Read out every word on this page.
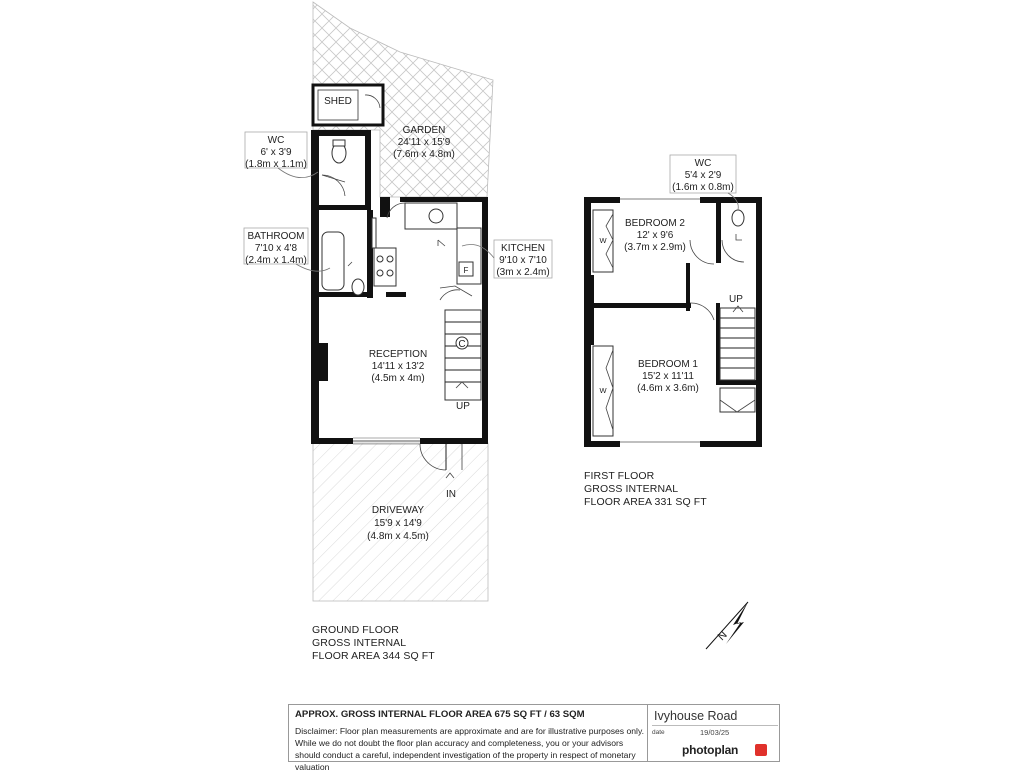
SHED
GARDEN
24'11 x 15'9
(7.6m x 4.8m)
RECEPTION
14'11 x 13'2
(4.5m x 4m)
DRIVEWAY
15'9 x 14'9
(4.8m x 4.5m)
C
F
UP
IN
WC
6' x 3'9
(1.8m x 1.1m)
BATHROOM
7'10 x 4'8
(2.4m x 1.4m)
KITCHEN
9'10 x 7'10
(3m x 2.4m)
BEDROOM 2
12' x 9'6
(3.7m x 2.9m)
BEDROOM 1
15'2 x 11'11
(4.6m x 3.6m)
W
W
UP
WC
5'4 x 2'9
(1.6m x 0.8m)
N
GROUND FLOOR
GROSS INTERNAL
FLOOR AREA 344 SQ FT
FIRST FLOOR
GROSS INTERNAL
FLOOR AREA 331 SQ FT
APPROX. GROSS INTERNAL FLOOR AREA 675 SQ FT / 63 SQM
Disclaimer: Floor plan measurements are approximate and are for illustrative purposes only. While we do not doubt the floor plan accuracy and completeness, you or your advisors should conduct a careful, independent investigation of the property in respect of monetary valuation
Ivyhouse Road
date	19/03/25
photoplan
